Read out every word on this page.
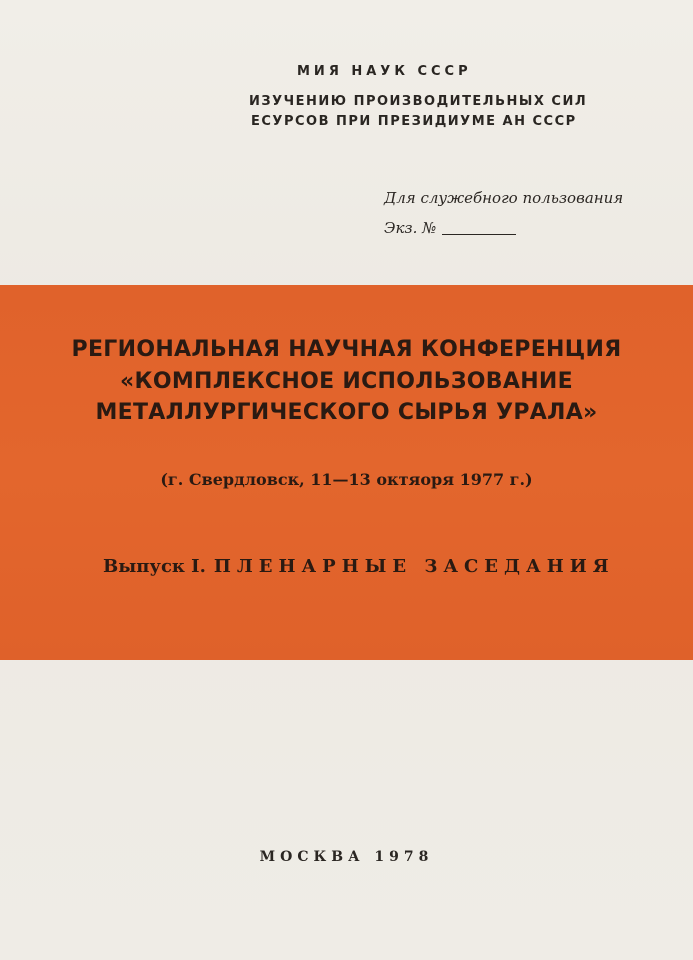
МИЯ НАУК СССР
ИЗУЧЕНИЮ ПРОИЗВОДИТЕЛЬНЫХ СИЛ
ЕСУРСОВ ПРИ ПРЕЗИДИУМЕ АН СССР
Для служебного пользования
Экз. №
РЕГИОНАЛЬНАЯ НАУЧНАЯ КОНФЕРЕНЦИЯ
«КОМПЛЕКСНОЕ ИСПОЛЬЗОВАНИЕ
МЕТАЛЛУРГИЧЕСКОГО СЫРЬЯ УРАЛА»
(г. Свердловск, 11—13 октяоря 1977 г.)
Выпуск I. ПЛЕНАРНЫЕ ЗАСЕДАНИЯ
МОСКВА 1978
